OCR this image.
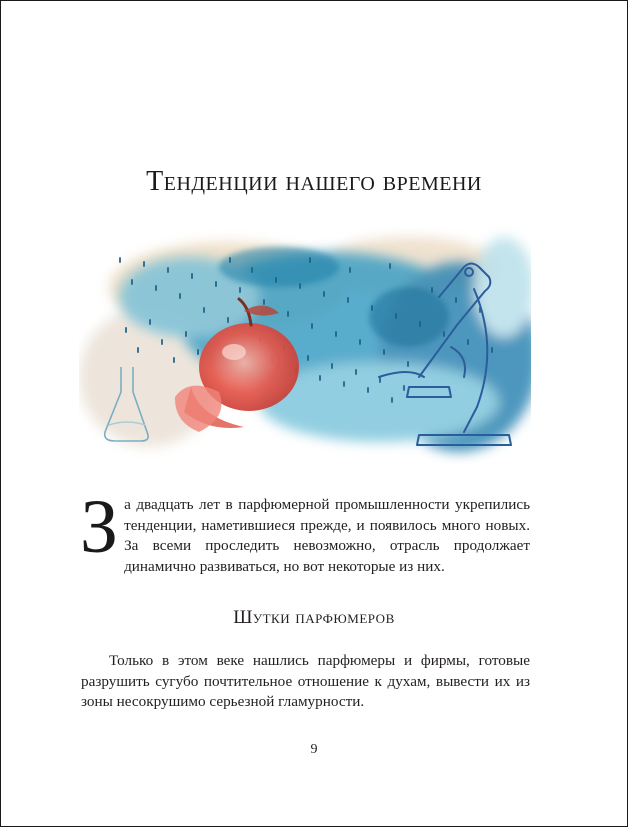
Тенденции нашего времени

За двадцать лет в парфюмерной промышленности укрепились тенденции, наметившиеся прежде, и появилось много новых. За всеми проследить невозможно, отрасль продолжает динамично развиваться, но вот некоторые из них.

Шутки парфюмеров

Только в этом веке нашлись парфюмеры и фирмы, готовые разрушить сугубо почтительное отношение к духам, вывести их из зоны несокрушимо серьезной гламурности.

9
